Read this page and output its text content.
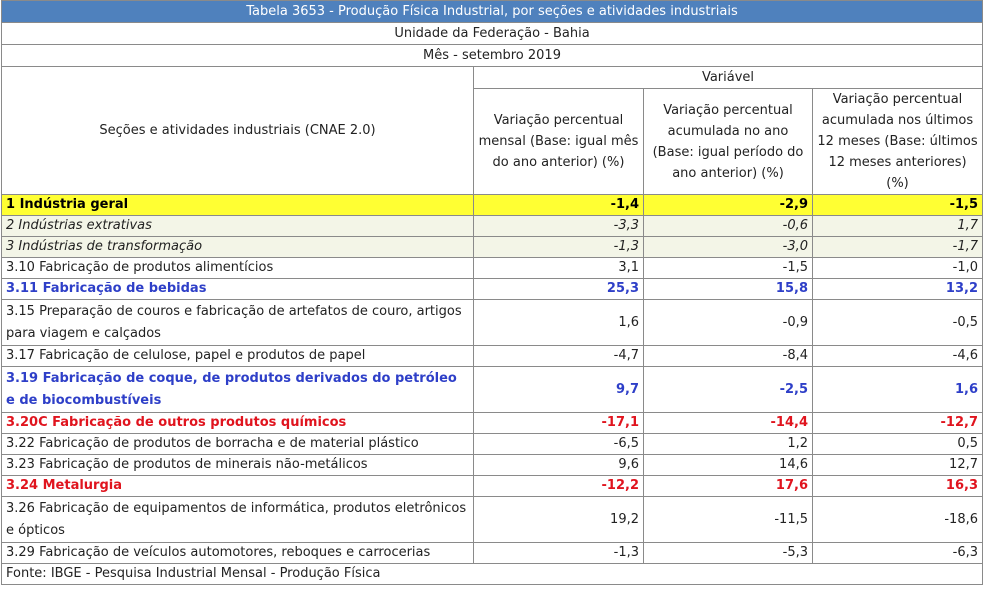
Tabela 3653 - Produção Física Industrial, por seções e atividades industriais			
Unidade da Federação - Bahia			
Mês - setembro 2019			
Seções e atividades industriais (CNAE 2.0)	Variável		
	Variação percentual mensal (Base: igual mês do ano anterior) (%)	Variação percentual acumulada no ano (Base: igual período do ano anterior) (%)	Variação percentual acumulada nos últimos 12 meses (Base: últimos 12 meses anteriores) (%)
1 Indústria geral	-1,4	-2,9	-1,5
2 Indústrias extrativas	-3,3	-0,6	1,7
3 Indústrias de transformação	-1,3	-3,0	-1,7
3.10 Fabricação de produtos alimentícios	3,1	-1,5	-1,0
3.11 Fabricação de bebidas	25,3	15,8	13,2
3.15 Preparação de couros e fabricação de artefatos de couro, artigos para viagem e calçados	1,6	-0,9	-0,5
3.17 Fabricação de celulose, papel e produtos de papel	-4,7	-8,4	-4,6
3.19 Fabricação de coque, de produtos derivados do petróleo e de biocombustíveis	9,7	-2,5	1,6
3.20C Fabricação de outros produtos químicos	-17,1	-14,4	-12,7
3.22 Fabricação de produtos de borracha e de material plástico	-6,5	1,2	0,5
3.23 Fabricação de produtos de minerais não-metálicos	9,6	14,6	12,7
3.24 Metalurgia	-12,2	17,6	16,3
3.26 Fabricação de equipamentos de informática, produtos eletrônicos e ópticos	19,2	-11,5	-18,6
3.29 Fabricação de veículos automotores, reboques e carrocerias	-1,3	-5,3	-6,3
Fonte: IBGE - Pesquisa Industrial Mensal - Produção Física			
